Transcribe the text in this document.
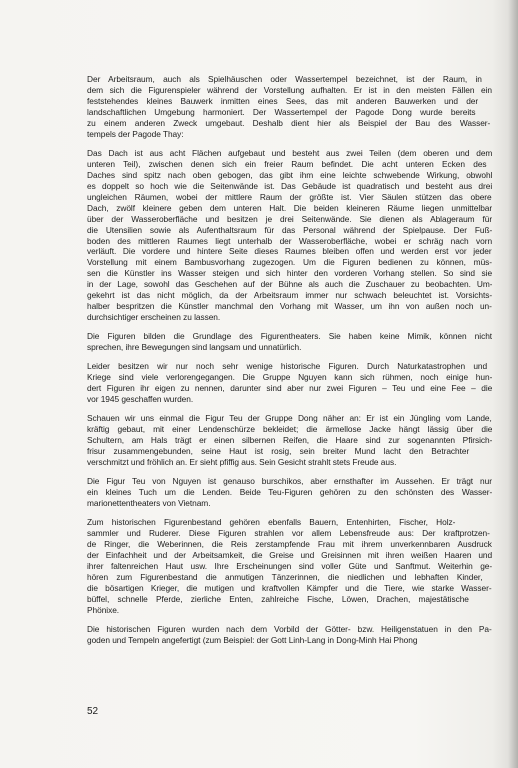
Der Arbeitsraum, auch als Spielhäuschen oder Wassertempel bezeichnet, ist der Raum, in
dem sich die Figurenspieler während der Vorstellung aufhalten. Er ist in den meisten Fällen ein
feststehendes kleines Bauwerk inmitten eines Sees, das mit anderen Bauwerken und der
landschaftlichen Umgebung harmoniert. Der Wassertempel der Pagode Dong wurde bereits
zu einem anderen Zweck umgebaut. Deshalb dient hier als Beispiel der Bau des Wasser-
tempels der Pagode Thay:

Das Dach ist aus acht Flächen aufgebaut und besteht aus zwei Teilen (dem oberen und dem
unteren Teil), zwischen denen sich ein freier Raum befindet. Die acht unteren Ecken des
Daches sind spitz nach oben gebogen, das gibt ihm eine leichte schwebende Wirkung, obwohl
es doppelt so hoch wie die Seitenwände ist. Das Gebäude ist quadratisch und besteht aus drei
ungleichen Räumen, wobei der mittlere Raum der größte ist. Vier Säulen stützen das obere
Dach, zwölf kleinere geben dem unteren Halt. Die beiden kleineren Räume liegen unmittelbar
über der Wasseroberfläche und besitzen je drei Seitenwände. Sie dienen als Ablageraum für
die Utensilien sowie als Aufenthaltsraum für das Personal während der Spielpause. Der Fuß-
boden des mittleren Raumes liegt unterhalb der Wasseroberfläche, wobei er schräg nach vorn
verläuft. Die vordere und hintere Seite dieses Raumes bleiben offen und werden erst vor jeder
Vorstellung mit einem Bambusvorhang zugezogen. Um die Figuren bedienen zu können, müs-
sen die Künstler ins Wasser steigen und sich hinter den vorderen Vorhang stellen. So sind sie
in der Lage, sowohl das Geschehen auf der Bühne als auch die Zuschauer zu beobachten. Um-
gekehrt ist das nicht möglich, da der Arbeitsraum immer nur schwach beleuchtet ist. Vorsichts-
halber bespritzen die Künstler manchmal den Vorhang mit Wasser, um ihn von außen noch un-
durchsichtiger erscheinen zu lassen.

Die Figuren bilden die Grundlage des Figurentheaters. Sie haben keine Mimik, können nicht
sprechen, ihre Bewegungen sind langsam und unnatürlich.

Leider besitzen wir nur noch sehr wenige historische Figuren. Durch Naturkatastrophen und
Kriege sind viele verlorengegangen. Die Gruppe Nguyen kann sich rühmen, noch einige hun-
dert Figuren ihr eigen zu nennen, darunter sind aber nur zwei Figuren – Teu und eine Fee – die
vor 1945 geschaffen wurden.

Schauen wir uns einmal die Figur Teu der Gruppe Dong näher an: Er ist ein Jüngling vom Lande,
kräftig gebaut, mit einer Lendenschürze bekleidet; die ärmellose Jacke hängt lässig über die
Schultern, am Hals trägt er einen silbernen Reifen, die Haare sind zur sogenannten Pfirsich-
frisur zusammengebunden, seine Haut ist rosig, sein breiter Mund lacht den Betrachter
verschmitzt und fröhlich an. Er sieht pfiffig aus. Sein Gesicht strahlt stets Freude aus.

Die Figur Teu von Nguyen ist genauso burschikos, aber ernsthafter im Aussehen. Er trägt nur
ein kleines Tuch um die Lenden. Beide Teu-Figuren gehören zu den schönsten des Wasser-
marionettentheaters von Vietnam.

Zum historischen Figurenbestand gehören ebenfalls Bauern, Entenhirten, Fischer, Holz-
sammler und Ruderer. Diese Figuren strahlen vor allem Lebensfreude aus: Der kraftprotzen-
de Ringer, die Weberinnen, die Reis zerstampfende Frau mit ihrem unverkennbaren Ausdruck
der Einfachheit und der Arbeitsamkeit, die Greise und Greisinnen mit ihren weißen Haaren und
ihrer faltenreichen Haut usw. Ihre Erscheinungen sind voller Güte und Sanftmut. Weiterhin ge-
hören zum Figurenbestand die anmutigen Tänzerinnen, die niedlichen und lebhaften Kinder,
die bösartigen Krieger, die mutigen und kraftvollen Kämpfer und die Tiere, wie starke Wasser-
büffel, schnelle Pferde, zierliche Enten, zahlreiche Fische, Löwen, Drachen, majestätische
Phönixe.

Die historischen Figuren wurden nach dem Vorbild der Götter- bzw. Heiligenstatuen in den Pa-
goden und Tempeln angefertigt (zum Beispiel: der Gott Linh-Lang in Dong-Minh Hai Phong

52
